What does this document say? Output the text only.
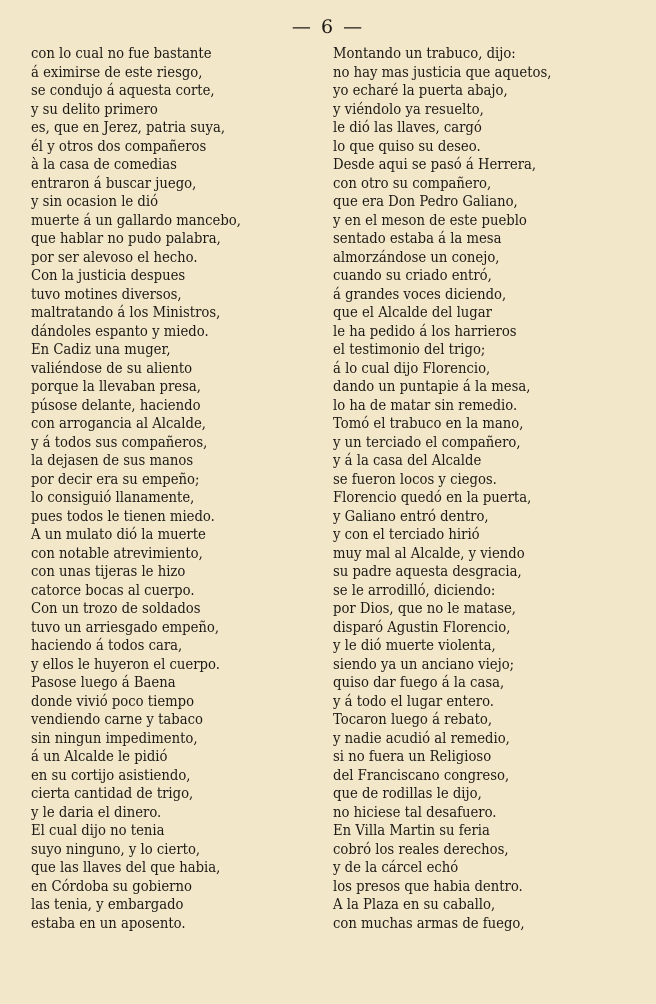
— 6 —
con lo cual no fue bastante
á eximirse de este riesgo,
se condujo á aquesta corte,
y su delito primero
es, que en Jerez, patria suya,
él y otros dos compañeros
à la casa de comedias
entraron á buscar juego,
y sin ocasion le dió
muerte á un gallardo mancebo,
que hablar no pudo palabra,
por ser alevoso el hecho.
Con la justicia despues
tuvo motines diversos,
maltratando á los Ministros,
dándoles espanto y miedo.
En Cadiz una muger,
valiéndose de su aliento
porque la llevaban presa,
púsose delante, haciendo
con arrogancia al Alcalde,
y á todos sus compañeros,
la dejasen de sus manos
por decir era su empeño;
lo consiguió llanamente,
pues todos le tienen miedo.
A un mulato dió la muerte
con notable atrevimiento,
con unas tijeras le hizo
catorce bocas al cuerpo.
Con un trozo de soldados
tuvo un arriesgado empeño,
haciendo á todos cara,
y ellos le huyeron el cuerpo.
Pasose luego á Baena
donde vivió poco tiempo
vendiendo carne y tabaco
sin ningun impedimento,
á un Alcalde le pidió
en su cortijo asistiendo,
cierta cantidad de trigo,
y le daria el dinero.
El cual dijo no tenia
suyo ninguno, y lo cierto,
que las llaves del que habia,
en Córdoba su gobierno
las tenia, y embargado
estaba en un aposento.
Montando un trabuco, dijo:
no hay mas justicia que aquetos,
yo echaré la puerta abajo,
y viéndolo ya resuelto,
le dió las llaves, cargó
lo que quiso su deseo.
Desde aqui se pasó á Herrera,
con otro su compañero,
que era Don Pedro Galiano,
y en el meson de este pueblo
sentado estaba á la mesa
almorzándose un conejo,
cuando su criado entró,
á grandes voces diciendo,
que el Alcalde del lugar
le ha pedido á los harrieros
el testimonio del trigo;
á lo cual dijo Florencio,
dando un puntapie á la mesa,
lo ha de matar sin remedio.
Tomó el trabuco en la mano,
y un terciado el compañero,
y á la casa del Alcalde
se fueron locos y ciegos.
Florencio quedó en la puerta,
y Galiano entró dentro,
y con el terciado hirió
muy mal al Alcalde, y viendo
su padre aquesta desgracia,
se le arrodilló, diciendo:
por Dios, que no le matase,
disparó Agustin Florencio,
y le dió muerte violenta,
siendo ya un anciano viejo;
quiso dar fuego á la casa,
y á todo el lugar entero.
Tocaron luego á rebato,
y nadie acudió al remedio,
si no fuera un Religioso
del Franciscano congreso,
que de rodillas le dijo,
no hiciese tal desafuero.
En Villa Martin su feria
cobró los reales derechos,
y de la cárcel echó
los presos que habia dentro.
A la Plaza en su caballo,
con muchas armas de fuego,
